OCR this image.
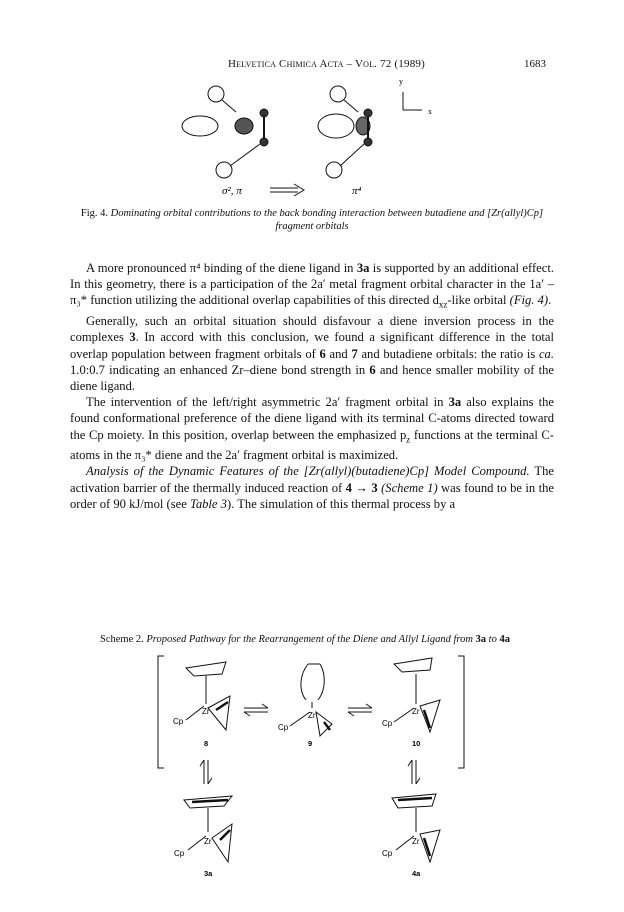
Helvetica Chimica Acta – Vol. 72 (1989)	1683
y
x
σ², π	π⁴
Fig. 4. Dominating orbital contributions to the back bonding interaction between butadiene and [Zr(allyl)Cp] fragment orbitals

A more pronounced π⁴ binding of the diene ligand in 3a is supported by an additional effect. In this geometry, there is a participation of the 2a′ metal fragment orbital character in the 1a′ – π₃* function utilizing the additional overlap capabilities of this directed $d_{xz}$-like orbital (Fig. 4).

Generally, such an orbital situation should disfavour a diene inversion process in the complexes 3. In accord with this conclusion, we found a significant difference in the total overlap population between fragment orbitals of 6 and 7 and butadiene orbitals: the ratio is ca. 1.0:0.7 indicating an enhanced Zr–diene bond strength in 6 and hence smaller mobility of the diene ligand.

The intervention of the left/right asymmetric 2a′ fragment orbital in 3a also explains the found conformational preference of the diene ligand with its terminal C-atoms directed toward the Cp moiety. In this position, overlap between the emphasized $p_z$ functions at the terminal C-atoms in the π₃* diene and the 2a′ fragment orbital is maximized.

Analysis of the Dynamic Features of the [Zr(allyl)(butadiene)Cp] Model Compound. The activation barrier of the thermally induced reaction of 4 → 3 (Scheme 1) was found to be in the order of 90 kJ/mol (see Table 3). The simulation of this thermal process by a

Scheme 2. Proposed Pathway for the Rearrangement of the Diene and Allyl Ligand from 3a to 4a
Zr
Cp
8
Zr
Cp
9
Zr
Cp
10
Zr
Cp
3a
Zr
Cp
4a
